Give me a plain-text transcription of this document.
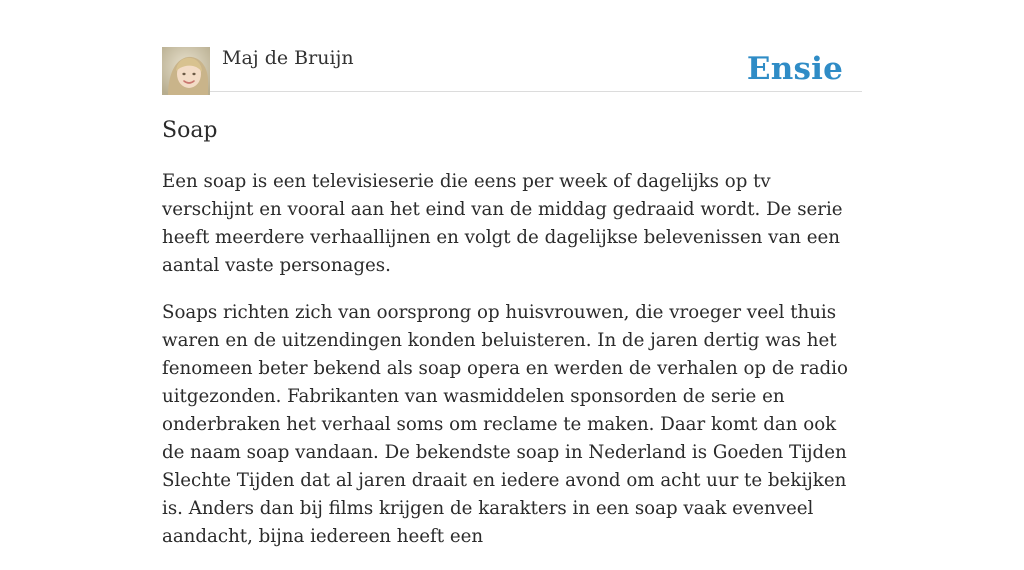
Maj de Bruijn	Ensie
Soap

Een soap is een televisieserie die eens per week of dagelijks op tv verschijnt en vooral aan het eind van de middag gedraaid wordt. De serie heeft meerdere verhaallijnen en volgt de dagelijkse belevenissen van een aantal vaste personages.

Soaps richten zich van oorsprong op huisvrouwen, die vroeger veel thuis waren en de uitzendingen konden beluisteren. In de jaren dertig was het fenomeen beter bekend als soap opera en werden de verhalen op de radio uitgezonden. Fabrikanten van wasmiddelen sponsorden de serie en onderbraken het verhaal soms om reclame te maken. Daar komt dan ook de naam soap vandaan. De bekendste soap in Nederland is Goeden Tijden Slechte Tijden dat al jaren draait en iedere avond om acht uur te bekijken is. Anders dan bij films krijgen de karakters in een soap vaak evenveel aandacht, bijna iedereen heeft een
